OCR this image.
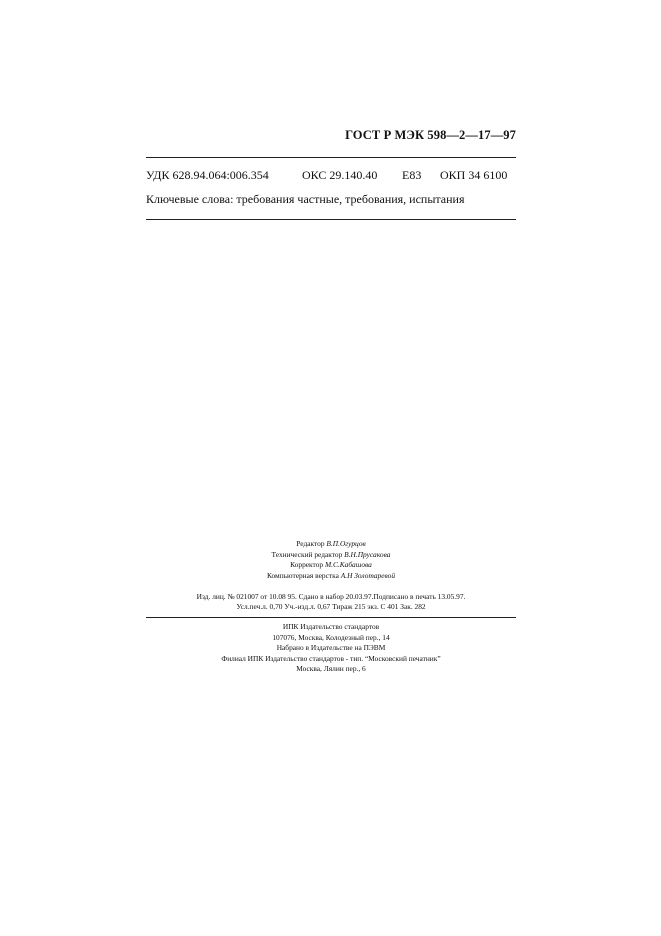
ГОСТ Р МЭК 598—2—17—97
УДК 628.94.064:006.354	ОКС 29.140.40 Е83 ОКП 34 6100
Ключевые слова: требования частные, требования, испытания
Редактор В.П.Огурцов
Технический редактор В.Н.Прусакова
Корректор М.С.Кабашова
Компьютерная верстка А.Н Золотаревой
Изд. лиц. № 021007 от 10.08 95. Сдано в набор 20.03.97.Подписано в печать 13.05.97.
Усл.печ.л. 0,70 Уч.-изд.л. 0,67 Тираж 215 экз. С 401 Зак. 282
ИПК Издательство стандартов
107076, Москва, Колодезный пер., 14
Набрано в Издательстве на ПЭВМ
Филиал ИПК Издательство стандартов - тип. “Московский печатник”
Москва, Лялин пер., 6
